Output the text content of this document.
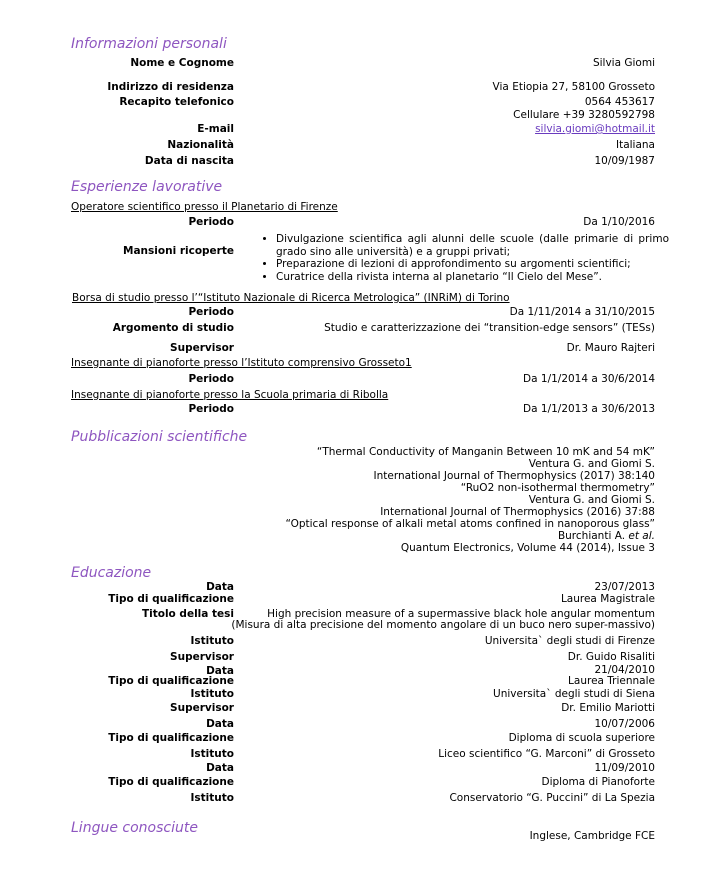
Informazioni personali
Nome e Cognome	Silvia Giomi
Indirizzo di residenza	Via Etiopia 27, 58100 Grosseto
Recapito telefonico	0564 453617
Cellulare +39 3280592798
E-mail	silvia.giomi@hotmail.it
Nazionalità	Italiana
Data di nascita	10/09/1987
Esperienze lavorative
Operatore scientifico presso il Planetario di Firenze
Periodo	Da 1/10/2016
Mansioni ricoperte
• Divulgazione scientifica agli alunni delle scuole (dalle primarie di primo grado sino alle università) e a gruppi privati;
• Preparazione di lezioni di approfondimento su argomenti scientifici;
• Curatrice della rivista interna al planetario “Il Cielo del Mese”.
Borsa di studio presso l’“Istituto Nazionale di Ricerca Metrologica” (INRiM) di Torino
Periodo	Da 1/11/2014 a 31/10/2015
Argomento di studio	Studio e caratterizzazione dei “transition-edge sensors” (TESs)
Supervisor	Dr. Mauro Rajteri
Insegnante di pianoforte presso l’Istituto comprensivo Grosseto1
Periodo	Da 1/1/2014 a 30/6/2014
Insegnante di pianoforte presso la Scuola primaria di Ribolla
Periodo	Da 1/1/2013 a 30/6/2013
Pubblicazioni scientifiche
“Thermal Conductivity of Manganin Between 10 mK and 54 mK”
Ventura G. and Giomi S.
International Journal of Thermophysics (2017) 38:140
“RuO2 non-isothermal thermometry”
Ventura G. and Giomi S.
International Journal of Thermophysics (2016) 37:88
“Optical response of alkali metal atoms confined in nanoporous glass”
Burchianti A. et al.
Quantum Electronics, Volume 44 (2014), Issue 3
Educazione
Data	23/07/2013
Tipo di qualificazione	Laurea Magistrale
Titolo della tesi	High precision measure of a supermassive black hole angular momentum
(Misura di alta precisione del momento angolare di un buco nero super-massivo)
Istituto	Universita` degli studi di Firenze
Supervisor	Dr. Guido Risaliti
Data	21/04/2010
Tipo di qualificazione	Laurea Triennale
Istituto	Universita` degli studi di Siena
Supervisor	Dr. Emilio Mariotti
Data	10/07/2006
Tipo di qualificazione	Diploma di scuola superiore
Istituto	Liceo scientifico “G. Marconi” di Grosseto
Data	11/09/2010
Tipo di qualificazione	Diploma di Pianoforte
Istituto	Conservatorio “G. Puccini” di La Spezia
Lingue conosciute	Inglese, Cambridge FCE
